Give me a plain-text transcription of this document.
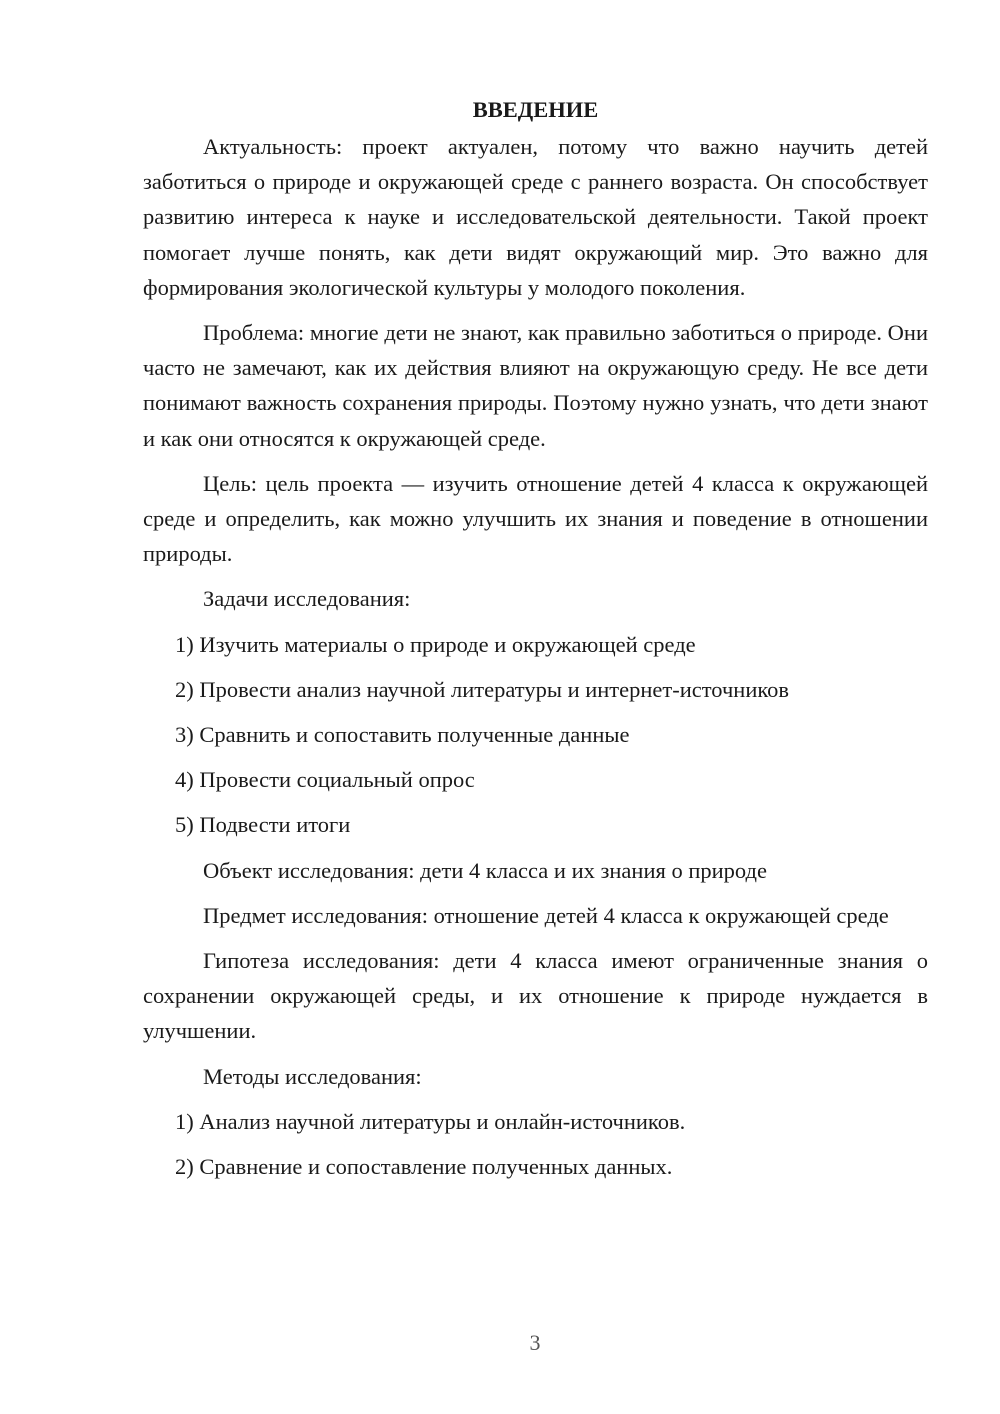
ВВЕДЕНИЕ

Актуальность: проект актуален, потому что важно научить детей заботиться о природе и окружающей среде с раннего возраста. Он способствует развитию интереса к науке и исследовательской деятельности. Такой проект помогает лучше понять, как дети видят окружающий мир. Это важно для формирования экологической культуры у молодого поколения.

Проблема: многие дети не знают, как правильно заботиться о природе. Они часто не замечают, как их действия влияют на окружающую среду. Не все дети понимают важность сохранения природы. Поэтому нужно узнать, что дети знают и как они относятся к окружающей среде.

Цель: цель проекта — изучить отношение детей 4 класса к окружающей среде и определить, как можно улучшить их знания и поведение в отношении природы.

Задачи исследования:

1) Изучить материалы о природе и окружающей среде
2) Провести анализ научной литературы и интернет-источников
3) Сравнить и сопоставить полученные данные
4) Провести социальный опрос
5) Подвести итоги

Объект исследования: дети 4 класса и их знания о природе

Предмет исследования: отношение детей 4 класса к окружающей среде

Гипотеза исследования: дети 4 класса имеют ограниченные знания о сохранении окружающей среды, и их отношение к природе нуждается в улучшении.

Методы исследования:

1) Анализ научной литературы и онлайн-источников.
2) Сравнение и сопоставление полученных данных.
3
